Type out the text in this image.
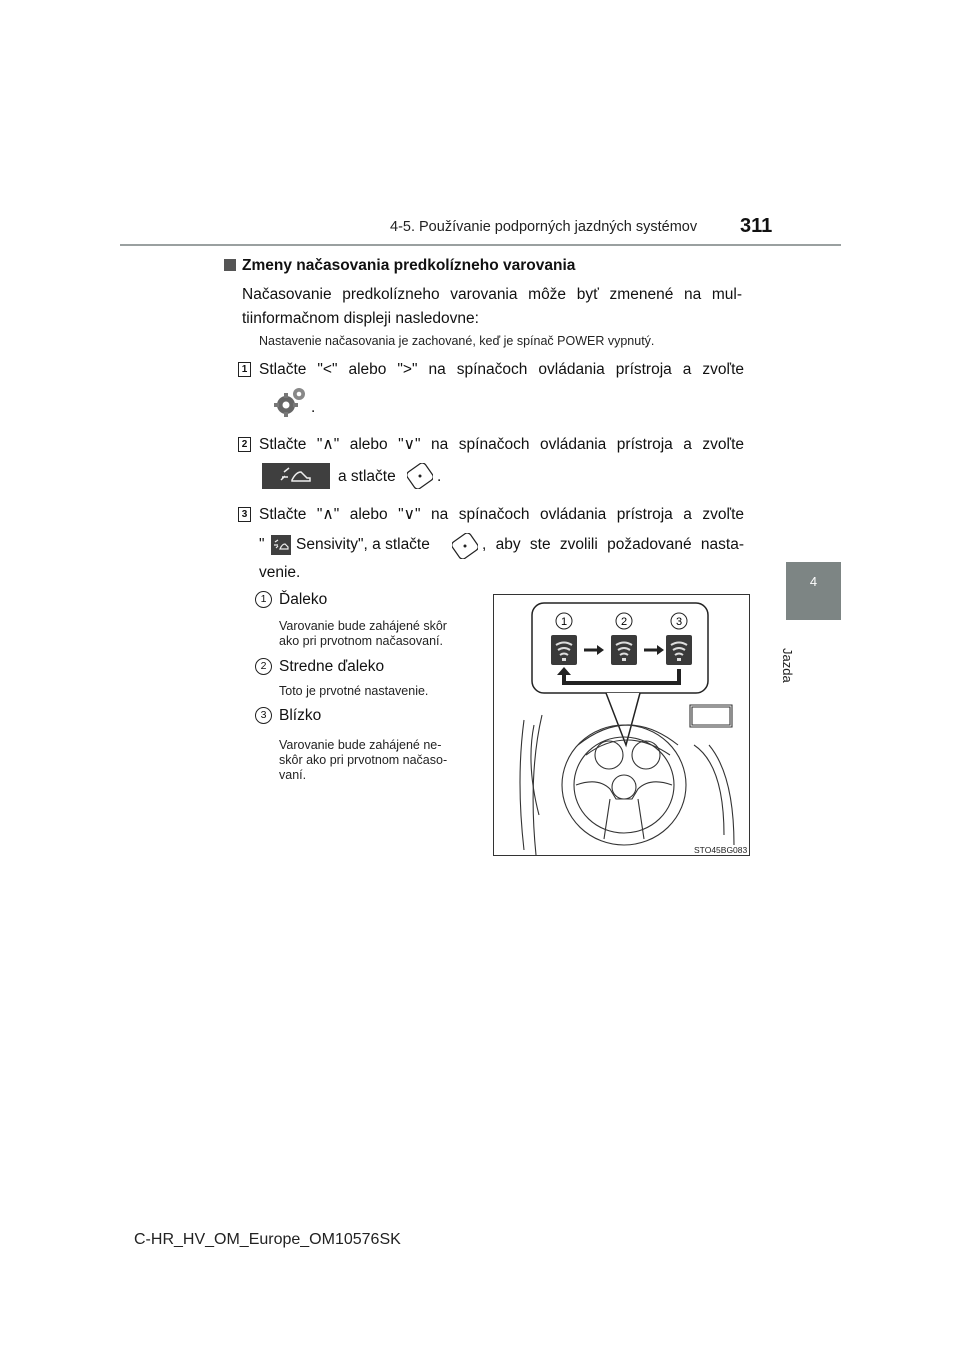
4-5. Používanie podporných jazdných systémov 311
4
Jazda
Zmeny načasovania predkolízneho varovania
Načasovanie predkolízneho varovania môže byť zmenené na mul-
tiinformačnom displeji nasledovne:
Nastavenie načasovania je zachované, keď je spínač POWER vypnutý.
1 Stlačte "<" alebo ">" na spínačoch ovládania prístroja a zvoľte
.
2 Stlačte "∧" alebo "∨" na spínačoch ovládania prístroja a zvoľte
a stlačte	.
3 Stlačte "∧" alebo "∨" na spínačoch ovládania prístroja a zvoľte
" Sensivity", a stlačte	, aby ste zvolili požadované nasta-
venie.
1 Ďaleko
Varovanie bude zahájené skôr
ako pri prvotnom načasovaní.
2 Stredne ďaleko
Toto je prvotné nastavenie.
3 Blízko
Varovanie bude zahájené ne-
skôr ako pri prvotnom načaso-
vaní.
1	2	3
STO45BG083
C-HR_HV_OM_Europe_OM10576SK
